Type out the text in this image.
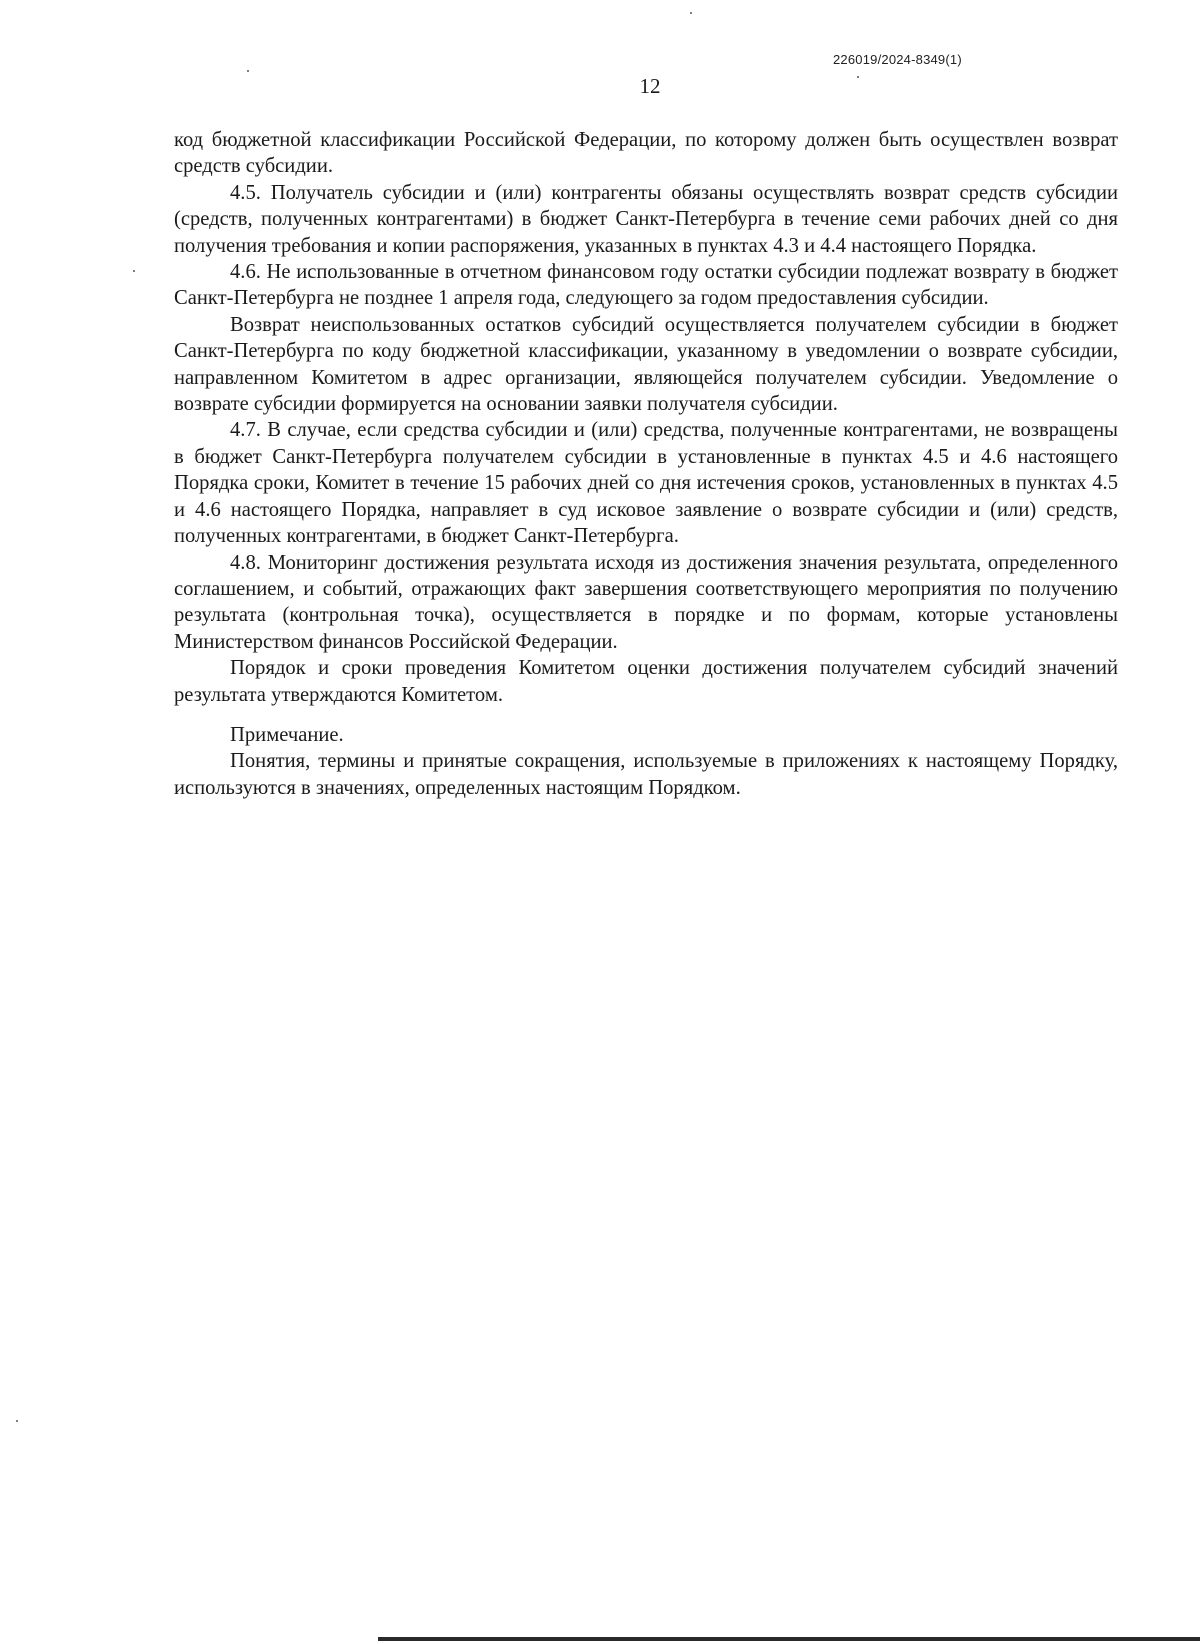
226019/2024-8349(1)
12

код бюджетной классификации Российской Федерации, по которому должен быть осуществлен возврат средств субсидии.

4.5. Получатель субсидии и (или) контрагенты обязаны осуществлять возврат средств субсидии (средств, полученных контрагентами) в бюджет Санкт-Петербурга в течение семи рабочих дней со дня получения требования и копии распоряжения, указанных в пунктах 4.3 и 4.4 настоящего Порядка.

4.6. Не использованные в отчетном финансовом году остатки субсидии подлежат возврату в бюджет Санкт-Петербурга не позднее 1 апреля года, следующего за годом предоставления субсидии.

Возврат неиспользованных остатков субсидий осуществляется получателем субсидии в бюджет Санкт-Петербурга по коду бюджетной классификации, указанному в уведомлении о возврате субсидии, направленном Комитетом в адрес организации, являющейся получателем субсидии. Уведомление о возврате субсидии формируется на основании заявки получателя субсидии.

4.7. В случае, если средства субсидии и (или) средства, полученные контрагентами, не возвращены в бюджет Санкт-Петербурга получателем субсидии в установленные в пунктах 4.5 и 4.6 настоящего Порядка сроки, Комитет в течение 15 рабочих дней со дня истечения сроков, установленных в пунктах 4.5 и 4.6 настоящего Порядка, направляет в суд исковое заявление о возврате субсидии и (или) средств, полученных контрагентами, в бюджет Санкт-Петербурга.

4.8. Мониторинг достижения результата исходя из достижения значения результата, определенного соглашением, и событий, отражающих факт завершения соответствующего мероприятия по получению результата (контрольная точка), осуществляется в порядке и по формам, которые установлены Министерством финансов Российской Федерации.

Порядок и сроки проведения Комитетом оценки достижения получателем субсидий значений результата утверждаются Комитетом.

Примечание.

Понятия, термины и принятые сокращения, используемые в приложениях к настоящему Порядку, используются в значениях, определенных настоящим Порядком.
